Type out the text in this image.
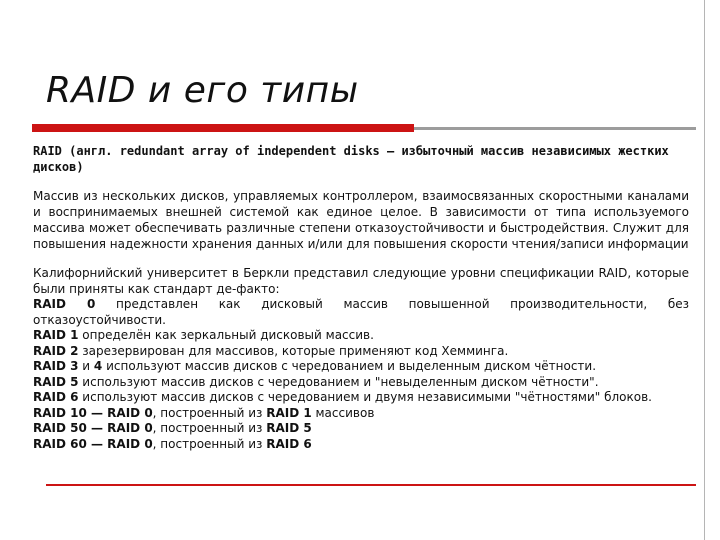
RAID и его типы

RAID (англ. redundant array of independent disks — избыточный массив независимых жестких дисков)

Массив из нескольких дисков, управляемых контроллером, взаимосвязанных скоростными каналами и воспринимаемых внешней системой как единое целое. В зависимости от типа используемого массива может обеспечивать различные степени отказоустойчивости и быстродействия. Служит для повышения надежности хранения данных и/или для повышения скорости чтения/записи информации

Калифорнийский университет в Беркли представил следующие уровни спецификации RAID, которые были приняты как стандарт де-факто:

RAID 0 представлен как дисковый массив повышенной производительности, без отказоустойчивости.

RAID 1 определён как зеркальный дисковый массив.

RAID 2 зарезервирован для массивов, которые применяют код Хемминга.

RAID 3 и 4 используют массив дисков с чередованием и выделенным диском чётности.

RAID 5 используют массив дисков с чередованием и "невыделенным диском чётности".

RAID 6 используют массив дисков с чередованием и двумя независимыми "чётностями" блоков.

RAID 10 — RAID 0, построенный из RAID 1 массивов

RAID 50 — RAID 0, построенный из RAID 5

RAID 60 — RAID 0, построенный из RAID 6
